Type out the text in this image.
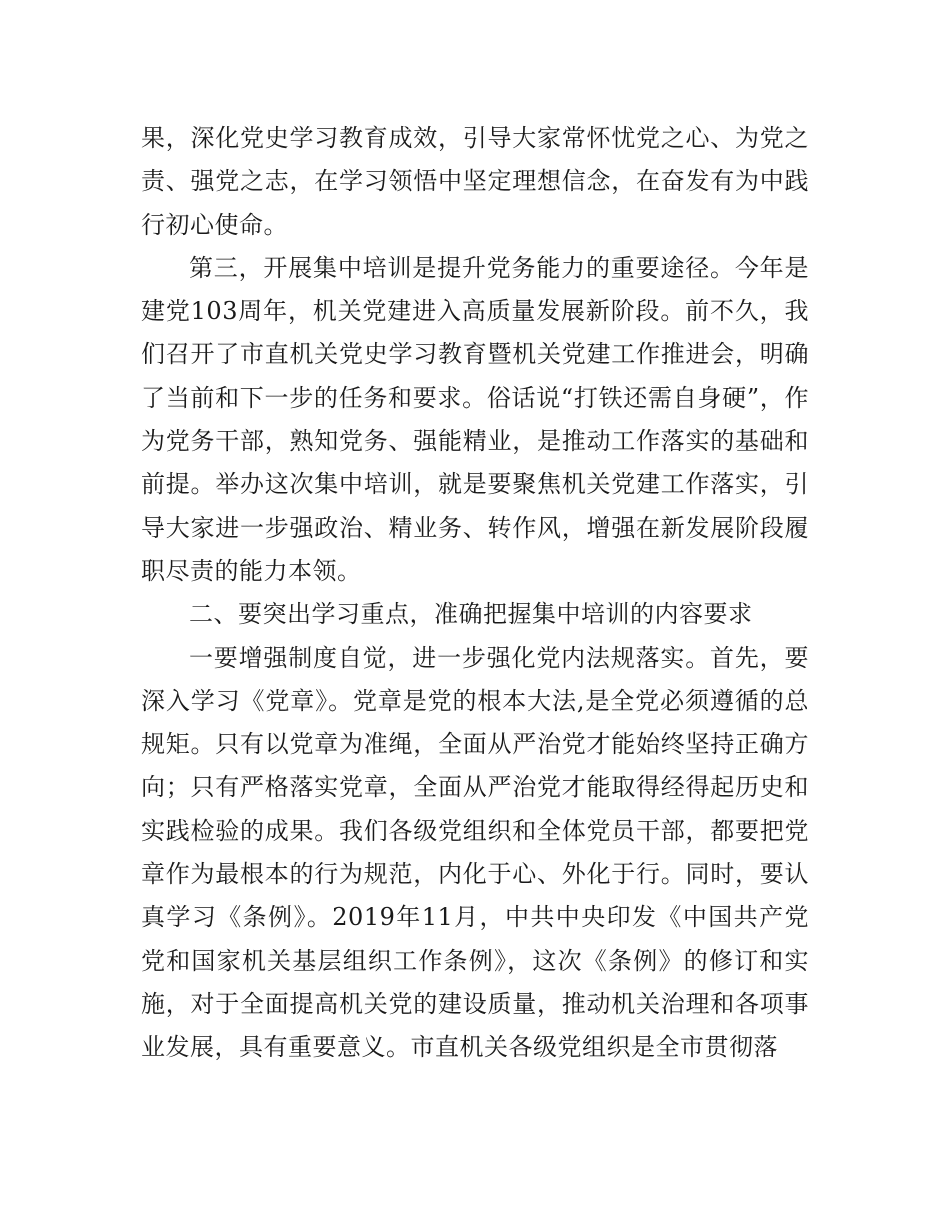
果，深化党史学习教育成效，引导大家常怀忧党之心、为党之责、强党之志，在学习领悟中坚定理想信念，在奋发有为中践行初心使命。

第三，开展集中培训是提升党务能力的重要途径。今年是建党103周年，机关党建进入高质量发展新阶段。前不久，我们召开了市直机关党史学习教育暨机关党建工作推进会，明确了当前和下一步的任务和要求。俗话说“打铁还需自身硬”，作为党务干部，熟知党务、强能精业，是推动工作落实的基础和前提。举办这次集中培训，就是要聚焦机关党建工作落实，引导大家进一步强政治、精业务、转作风，增强在新发展阶段履职尽责的能力本领。

二、要突出学习重点，准确把握集中培训的内容要求

一要增强制度自觉，进一步强化党内法规落实。首先，要深入学习《党章》。党章是党的根本大法,是全党必须遵循的总规矩。只有以党章为准绳，全面从严治党才能始终坚持正确方向；只有严格落实党章，全面从严治党才能取得经得起历史和实践检验的成果。我们各级党组织和全体党员干部，都要把党章作为最根本的行为规范，内化于心、外化于行。同时，要认真学习《条例》。2019年11月，中共中央印发《中国共产党党和国家机关基层组织工作条例》，这次《条例》的修订和实施，对于全面提高机关党的建设质量，推动机关治理和各项事业发展，具有重要意义。市直机关各级党组织是全市贯彻落
